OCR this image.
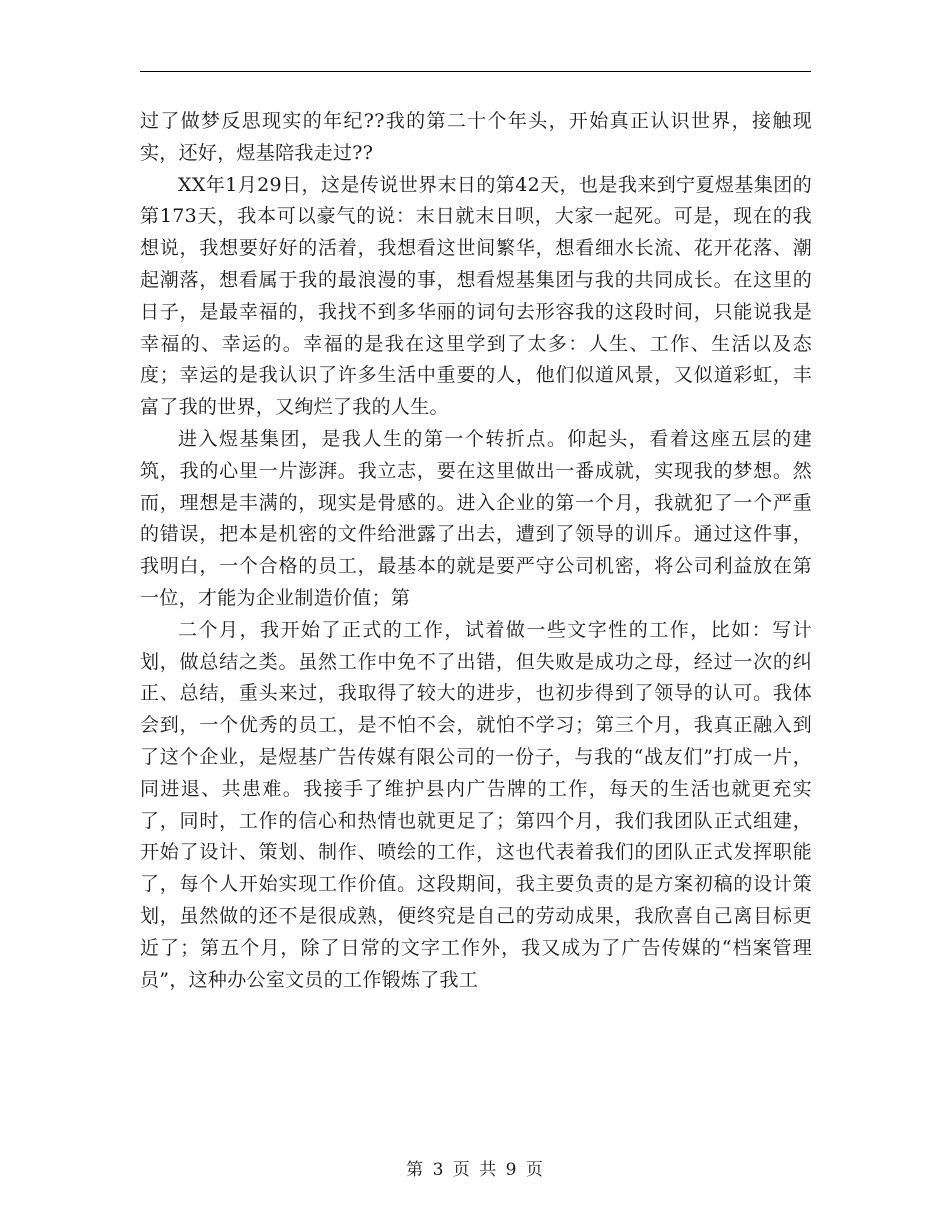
过了做梦反思现实的年纪??我的第二十个年头，开始真正认识世界，接触现实，还好，煜基陪我走过??

XX年1月29日，这是传说世界末日的第42天，也是我来到宁夏煜基集团的第173天，我本可以豪气的说：末日就末日呗，大家一起死。可是，现在的我想说，我想要好好的活着，我想看这世间繁华，想看细水长流、花开花落、潮起潮落，想看属于我的最浪漫的事，想看煜基集团与我的共同成长。在这里的日子，是最幸福的，我找不到多华丽的词句去形容我的这段时间，只能说我是幸福的、幸运的。幸福的是我在这里学到了太多：人生、工作、生活以及态度；幸运的是我认识了许多生活中重要的人，他们似道风景，又似道彩虹，丰富了我的世界，又绚烂了我的人生。

进入煜基集团，是我人生的第一个转折点。仰起头，看着这座五层的建筑，我的心里一片澎湃。我立志，要在这里做出一番成就，实现我的梦想。然而，理想是丰满的，现实是骨感的。进入企业的第一个月，我就犯了一个严重的错误，把本是机密的文件给泄露了出去，遭到了领导的训斥。通过这件事，我明白，一个合格的员工，最基本的就是要严守公司机密，将公司利益放在第一位，才能为企业制造价值；第

二个月，我开始了正式的工作，试着做一些文字性的工作，比如：写计划，做总结之类。虽然工作中免不了出错，但失败是成功之母，经过一次的纠正、总结，重头来过，我取得了较大的进步，也初步得到了领导的认可。我体会到，一个优秀的员工，是不怕不会，就怕不学习；第三个月，我真正融入到了这个企业，是煜基广告传媒有限公司的一份子，与我的“战友们”打成一片，同进退、共患难。我接手了维护县内广告牌的工作，每天的生活也就更充实了，同时，工作的信心和热情也就更足了；第四个月，我们我团队正式组建，开始了设计、策划、制作、喷绘的工作，这也代表着我们的团队正式发挥职能了，每个人开始实现工作价值。这段期间，我主要负责的是方案初稿的设计策划，虽然做的还不是很成熟，便终究是自己的劳动成果，我欣喜自己离目标更近了；第五个月，除了日常的文字工作外，我又成为了广告传媒的“档案管理员”，这种办公室文员的工作锻炼了我工

第 3 页 共 9 页
